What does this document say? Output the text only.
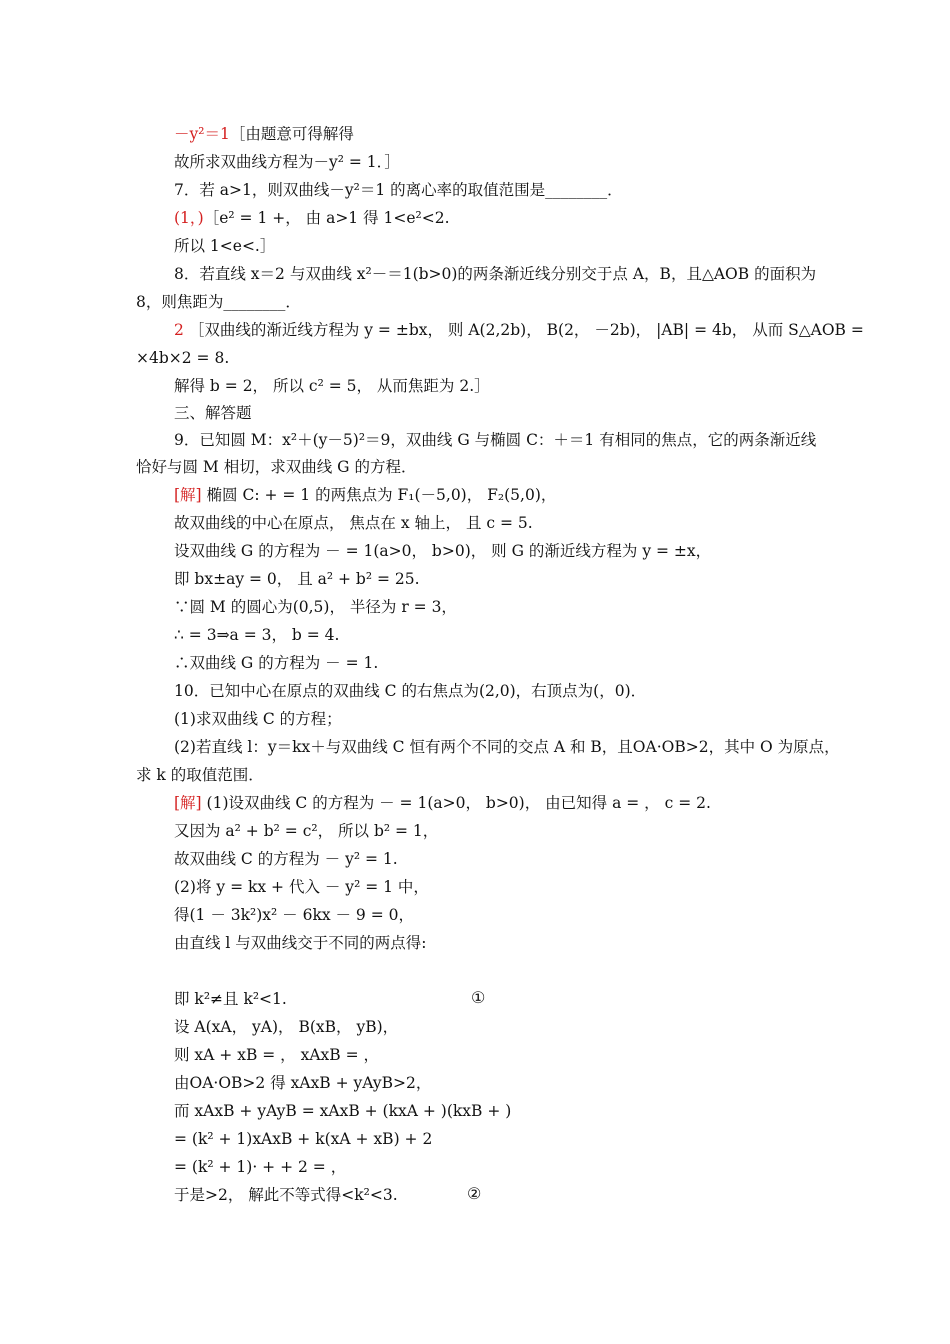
－y²＝1［由题意可得解得
故所求双曲线方程为－y² = 1．］
7．若 a>1，则双曲线－y²＝1 的离心率的取值范围是________．
(1，)［e² = 1 +， 由 a>1 得 1<e²<2.
所以 1<e<.］
8．若直线 x＝2 与双曲线 x²－＝1(b>0)的两条渐近线分别交于点 A，B，且△AOB 的面积为
8，则焦距为________．
2 ［双曲线的渐近线方程为 y = ±bx， 则 A(2,2b)， B(2， －2b)， |AB| = 4b， 从而 S△AOB =
×4b×2 = 8.
解得 b = 2， 所以 c² = 5， 从而焦距为 2.］
三、解答题
9．已知圆 M：x²＋(y－5)²＝9，双曲线 G 与椭圆 C：＋＝1 有相同的焦点，它的两条渐近线
恰好与圆 M 相切，求双曲线 G 的方程．
[解] 椭圆 C: + = 1 的两焦点为 F₁(－5,0)， F₂(5,0)，
故双曲线的中心在原点， 焦点在 x 轴上， 且 c = 5.
设双曲线 G 的方程为 － = 1(a>0， b>0)， 则 G 的渐近线方程为 y = ±x，
即 bx±ay = 0， 且 a² + b² = 25.
∵圆 M 的圆心为(0,5)， 半径为 r = 3，
∴ = 3⇒a = 3， b = 4.
∴双曲线 G 的方程为 － = 1.
10．已知中心在原点的双曲线 C 的右焦点为(2,0)，右顶点为(，0)．
(1)求双曲线 C 的方程；
(2)若直线 l：y＝kx＋与双曲线 C 恒有两个不同的交点 A 和 B，且OA·OB>2，其中 O 为原点，
求 k 的取值范围．
[解] (1)设双曲线 C 的方程为 － = 1(a>0， b>0)， 由已知得 a = ， c = 2.
又因为 a² + b² = c²， 所以 b² = 1，
故双曲线 C 的方程为 － y² = 1.
(2)将 y = kx + 代入 － y² = 1 中，
得(1 － 3k²)x² － 6kx － 9 = 0，
由直线 l 与双曲线交于不同的两点得:
即 k²≠且 k²<1.	①
设 A(xA， yA)， B(xB， yB)，
则 xA + xB = ， xAxB = ，
由OA·OB>2 得 xAxB + yAyB>2，
而 xAxB + yAyB = xAxB + (kxA + )(kxB + )
= (k² + 1)xAxB + k(xA + xB) + 2
= (k² + 1)· + + 2 = ，
于是>2， 解此不等式得<k²<3.	②
